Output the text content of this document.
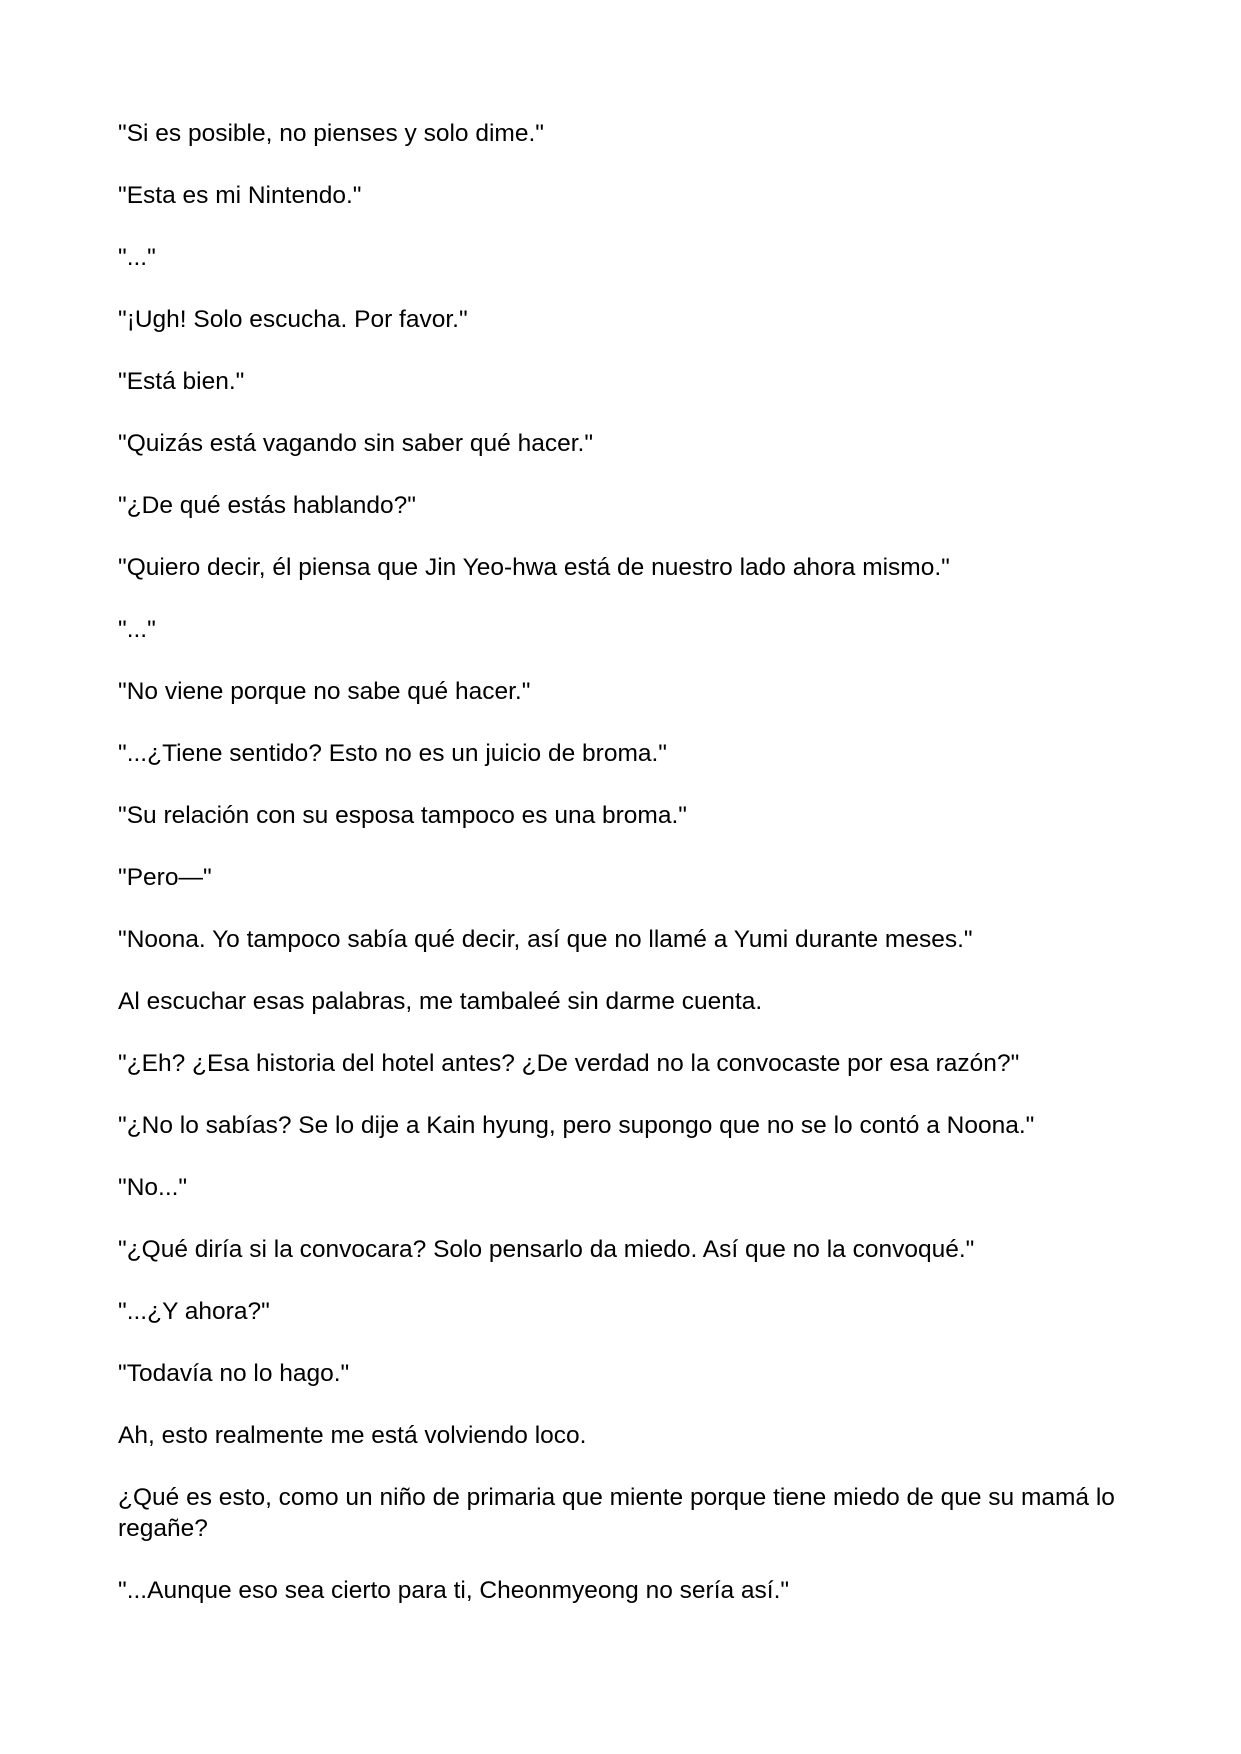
"Si es posible, no pienses y solo dime."

"Esta es mi Nintendo."

"..."

"¡Ugh! Solo escucha. Por favor."

"Está bien."

"Quizás está vagando sin saber qué hacer."

"¿De qué estás hablando?"

"Quiero decir, él piensa que Jin Yeo-hwa está de nuestro lado ahora mismo."

"..."

"No viene porque no sabe qué hacer."

"...¿Tiene sentido? Esto no es un juicio de broma."

"Su relación con su esposa tampoco es una broma."

"Pero—"

"Noona. Yo tampoco sabía qué decir, así que no llamé a Yumi durante meses."

Al escuchar esas palabras, me tambaleé sin darme cuenta.

"¿Eh? ¿Esa historia del hotel antes? ¿De verdad no la convocaste por esa razón?"

"¿No lo sabías? Se lo dije a Kain hyung, pero supongo que no se lo contó a Noona."

"No..."

"¿Qué diría si la convocara? Solo pensarlo da miedo. Así que no la convoqué."

"...¿Y ahora?"

"Todavía no lo hago."

Ah, esto realmente me está volviendo loco.

¿Qué es esto, como un niño de primaria que miente porque tiene miedo de que su mamá lo regañe?

"...Aunque eso sea cierto para ti, Cheonmyeong no sería así."
